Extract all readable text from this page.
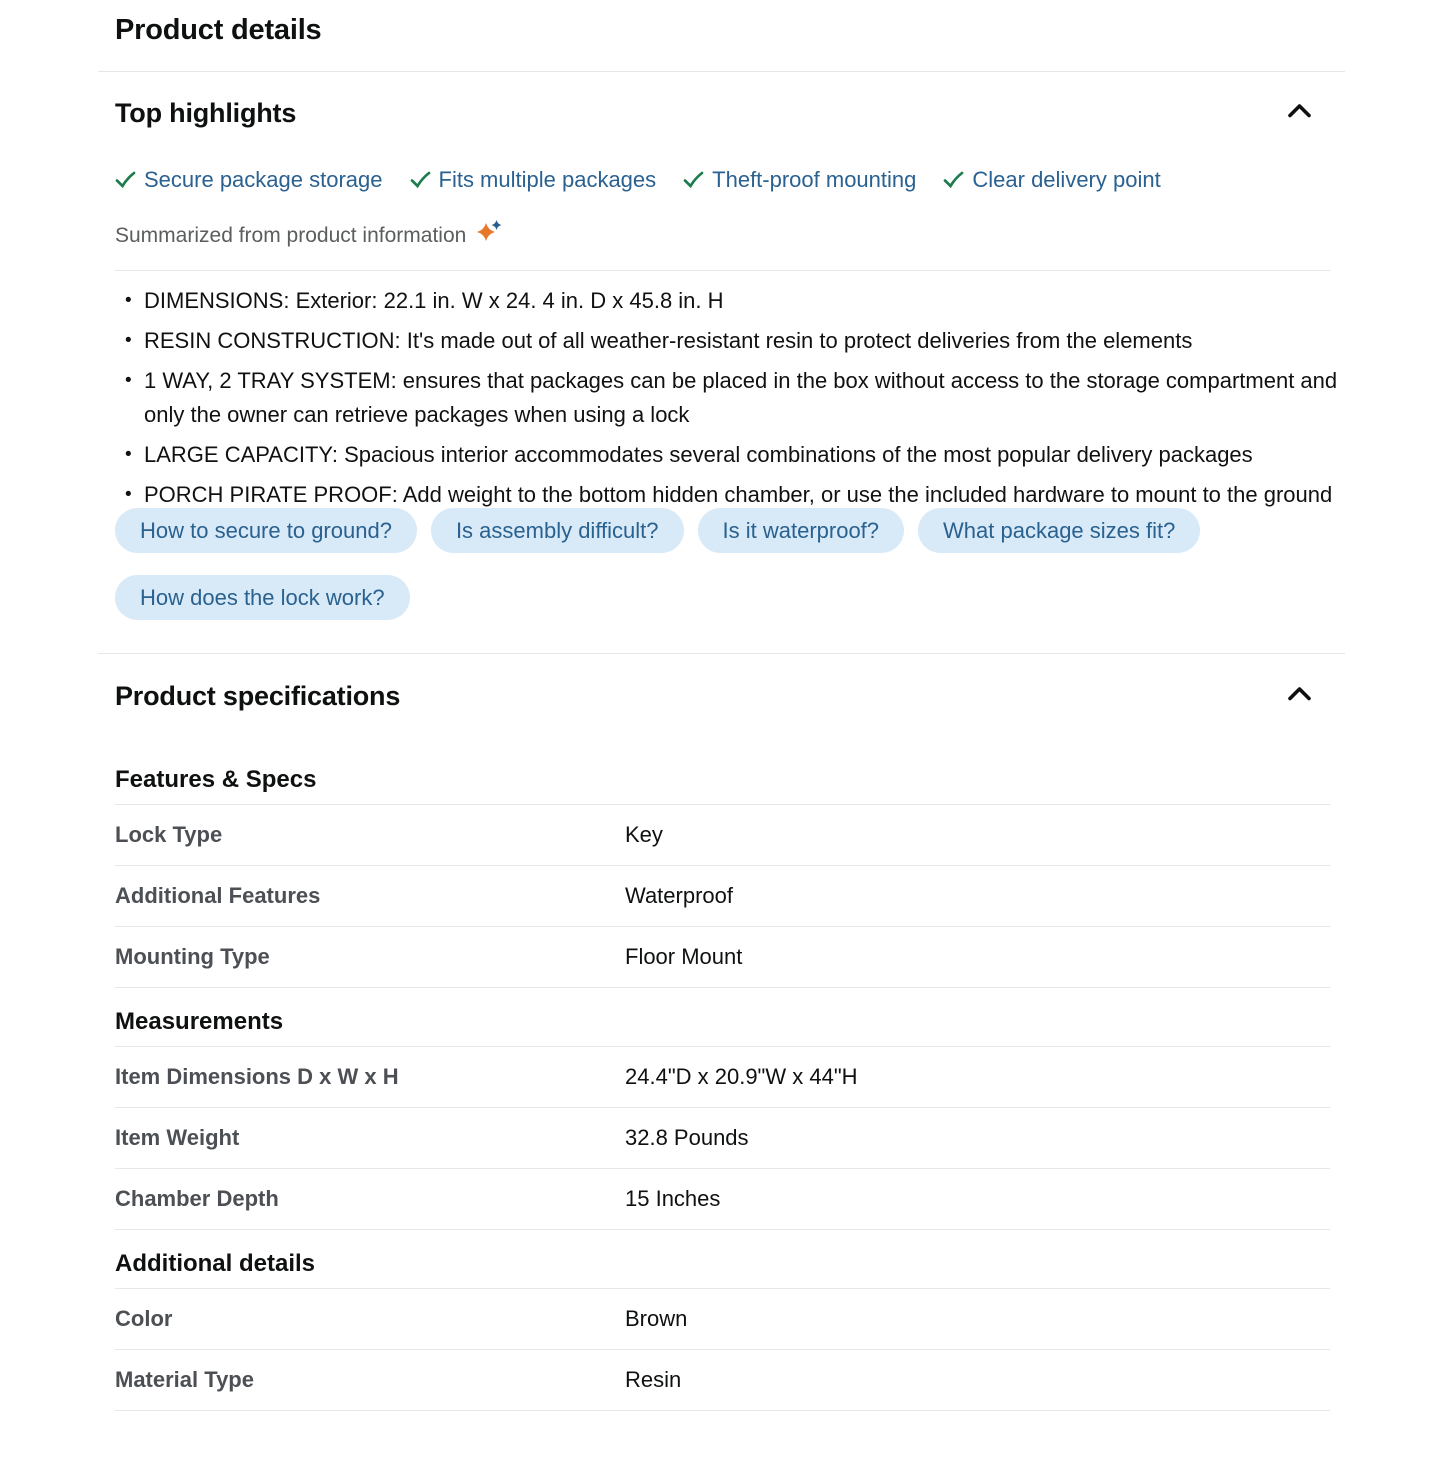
Product details
Top highlights
Secure package storage	Fits multiple packages	Theft-proof mounting	Clear delivery point
Summarized from product information
• DIMENSIONS: Exterior: 22.1 in. W x 24. 4 in. D x 45.8 in. H
• RESIN CONSTRUCTION: It's made out of all weather-resistant resin to protect deliveries from the elements
• 1 WAY, 2 TRAY SYSTEM: ensures that packages can be placed in the box without access to the storage compartment and only the owner can retrieve packages when using a lock
• LARGE CAPACITY: Spacious interior accommodates several combinations of the most popular delivery packages
• PORCH PIRATE PROOF: Add weight to the bottom hidden chamber, or use the included hardware to mount to the ground
How to secure to ground?	Is assembly difficult?	Is it waterproof?	What package sizes fit?
How does the lock work?
Product specifications
Features & Specs
Lock Type	Key
Additional Features	Waterproof
Mounting Type	Floor Mount
Measurements
Item Dimensions D x W x H	24.4"D x 20.9"W x 44"H
Item Weight	32.8 Pounds
Chamber Depth	15 Inches
Additional details
Color	Brown
Material Type	Resin
